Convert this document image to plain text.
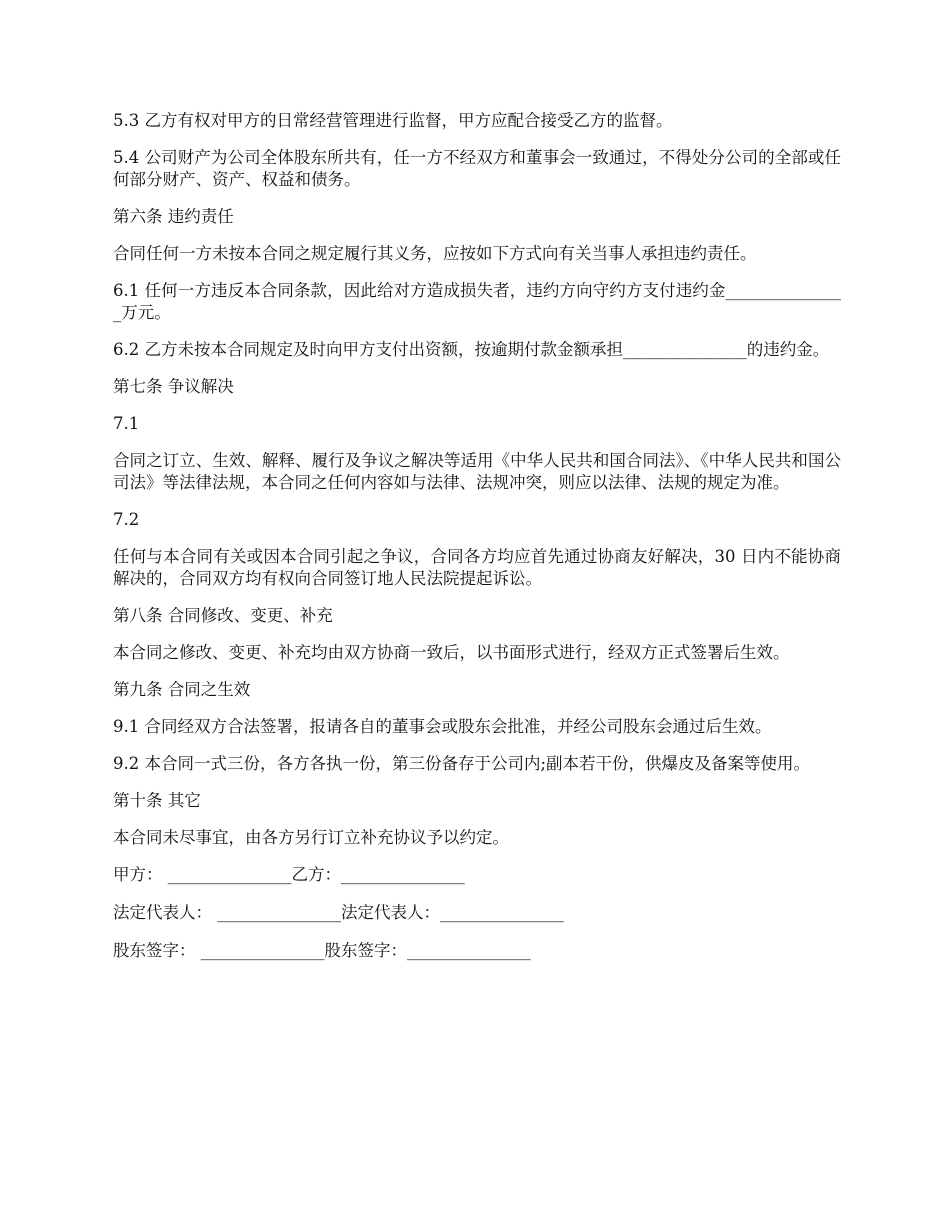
5.3 乙方有权对甲方的日常经营管理进行监督，甲方应配合接受乙方的监督。

5.4 公司财产为公司全体股东所共有，任一方不经双方和董事会一致通过，不得处分公司的全部或任何部分财产、资产、权益和债务。

第六条 违约责任

合同任何一方未按本合同之规定履行其义务，应按如下方式向有关当事人承担违约责任。

6.1 任何一方违反本合同条款，因此给对方造成损失者，违约方向守约方支付违约金_______________万元。

6.2 乙方未按本合同规定及时向甲方支付出资额，按逾期付款金额承担_______________的违约金。

第七条 争议解决

7.1

合同之订立、生效、解释、履行及争议之解决等适用《中华人民共和国合同法》、《中华人民共和国公司法》等法律法规，本合同之任何内容如与法律、法规冲突，则应以法律、法规的规定为准。

7.2

任何与本合同有关或因本合同引起之争议，合同各方均应首先通过协商友好解决，30 日内不能协商解决的，合同双方均有权向合同签订地人民法院提起诉讼。

第八条 合同修改、变更、补充

本合同之修改、变更、补充均由双方协商一致后，以书面形式进行，经双方正式签署后生效。

第九条 合同之生效

9.1 合同经双方合法签署，报请各自的董事会或股东会批准，并经公司股东会通过后生效。

9.2 本合同一式三份，各方各执一份，第三份备存于公司内;副本若干份，供爆皮及备案等使用。

第十条 其它

本合同未尽事宜，由各方另行订立补充协议予以约定。

甲方： _______________乙方：_______________

法定代表人： _______________法定代表人：_______________

股东签字： _______________股东签字：_______________
